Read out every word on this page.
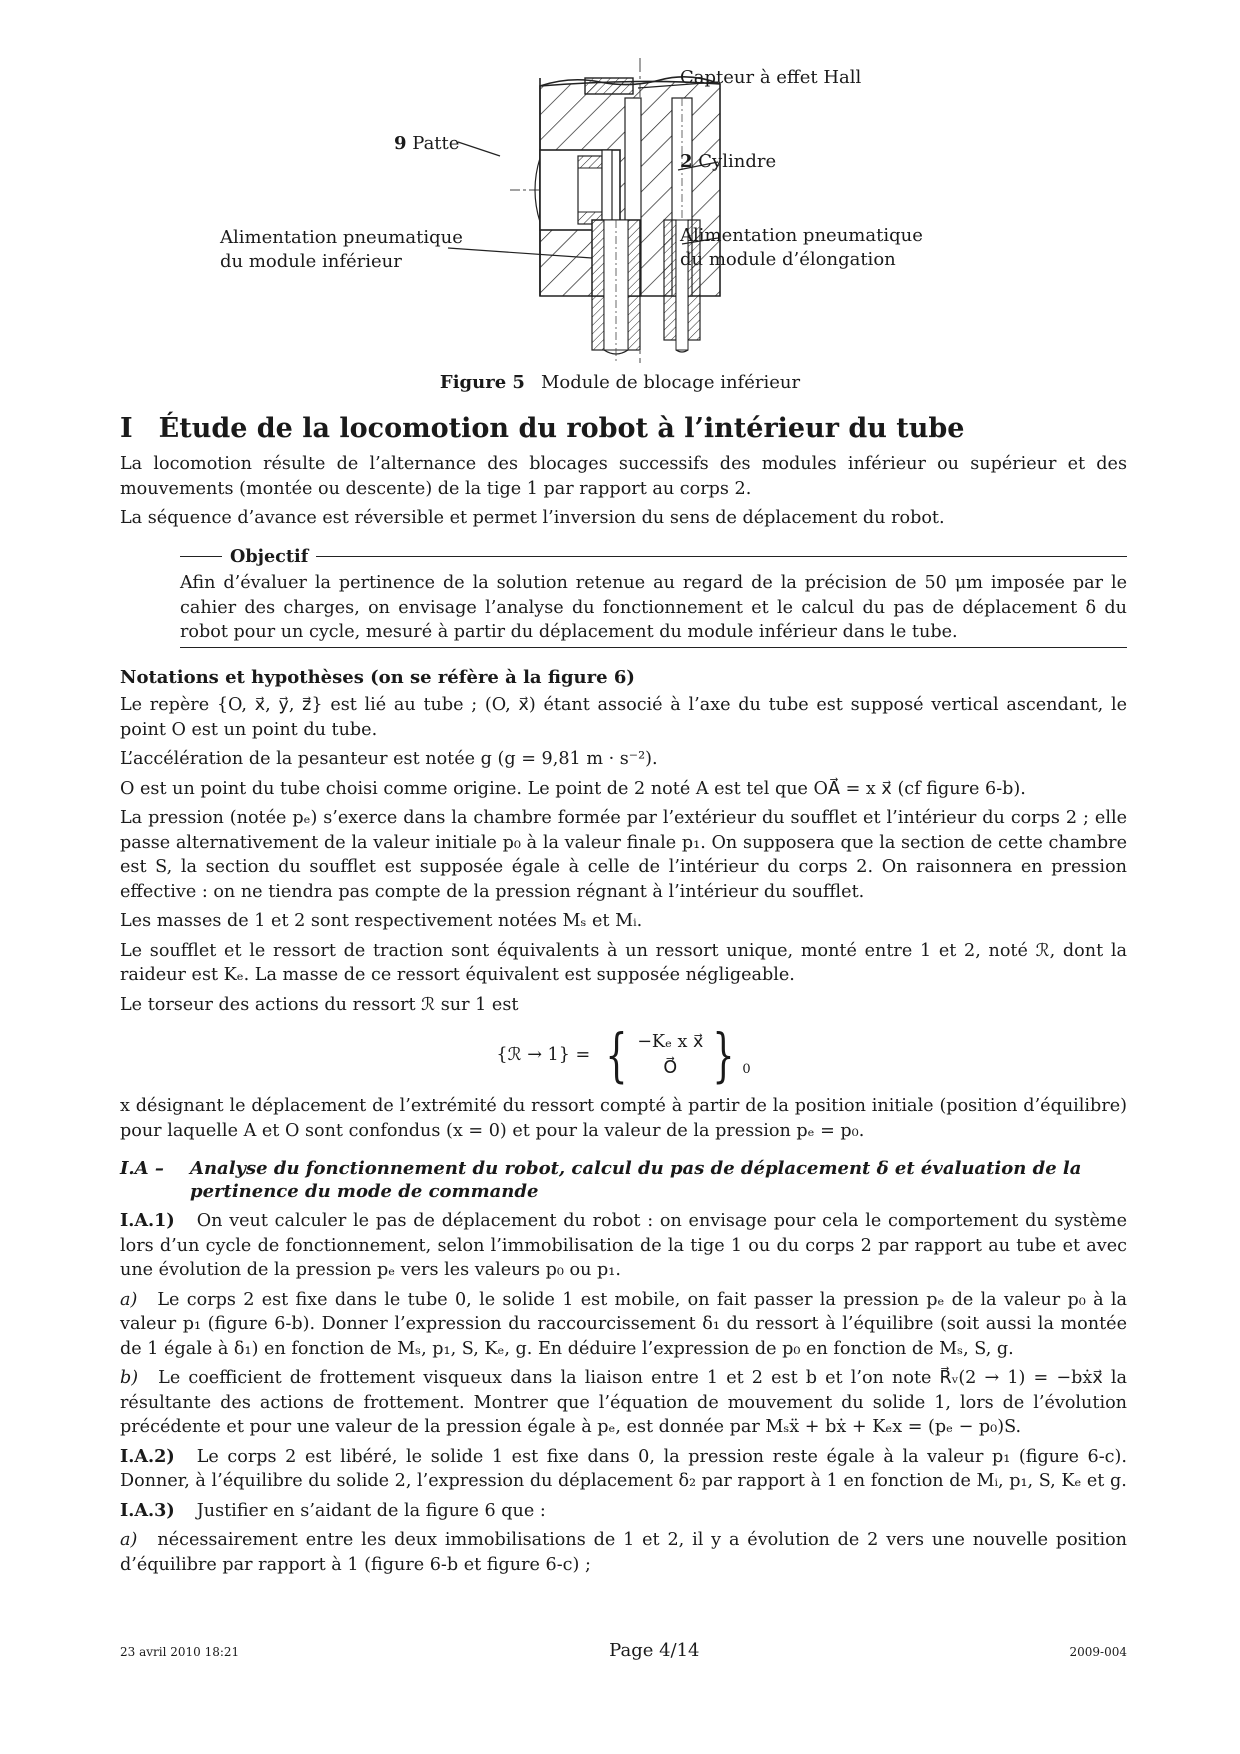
Capteur à effet Hall
9 Patte
2 Cylindre
Alimentation pneumatique
du module inférieur
Alimentation pneumatique
du module d’élongation
Figure 5 Module de blocage inférieur
I Étude de la locomotion du robot à l’intérieur du tube

La locomotion résulte de l’alternance des blocages successifs des modules inférieur ou supérieur et des mouvements (montée ou descente) de la tige 1 par rapport au corps 2.

La séquence d’avance est réversible et permet l’inversion du sens de déplacement du robot.

Objectif
Afin d’évaluer la pertinence de la solution retenue au regard de la précision de 50 μm imposée par le cahier des charges, on envisage l’analyse du fonctionnement et le calcul du pas de déplacement δ du robot pour un cycle, mesuré à partir du déplacement du module inférieur dans le tube.
Notations et hypothèses (on se réfère à la figure 6)

Le repère {O, x⃗, y⃗, z⃗} est lié au tube ; (O, x⃗) étant associé à l’axe du tube est supposé vertical ascendant, le point O est un point du tube.

L’accélération de la pesanteur est notée g (g = 9,81 m · s⁻²).

O est un point du tube choisi comme origine. Le point de 2 noté A est tel que OA⃗ = x x⃗ (cf figure 6-b).

La pression (notée pₑ) s’exerce dans la chambre formée par l’extérieur du soufflet et l’intérieur du corps 2 ; elle passe alternativement de la valeur initiale p₀ à la valeur finale p₁. On supposera que la section de cette chambre est S, la section du soufflet est supposée égale à celle de l’intérieur du corps 2. On raisonnera en pression effective : on ne tiendra pas compte de la pression régnant à l’intérieur du soufflet.

Les masses de 1 et 2 sont respectivement notées Mₛ et Mᵢ.

Le soufflet et le ressort de traction sont équivalents à un ressort unique, monté entre 1 et 2, noté ℛ, dont la raideur est Kₑ. La masse de ce ressort équivalent est supposée négligeable.

Le torseur des actions du ressort ℛ sur 1 est

{ℛ → 1} = { −Kₑ x x⃗
O⃗ } 0

x désignant le déplacement de l’extrémité du ressort compté à partir de la position initiale (position d’équilibre) pour laquelle A et O sont confondus (x = 0) et pour la valeur de la pression pₑ = p₀.

I.A –	Analyse du fonctionnement du robot, calcul du pas de déplacement δ et évaluation de la pertinence du mode de commande

I.A.1) On veut calculer le pas de déplacement du robot : on envisage pour cela le comportement du système lors d’un cycle de fonctionnement, selon l’immobilisation de la tige 1 ou du corps 2 par rapport au tube et avec une évolution de la pression pₑ vers les valeurs p₀ ou p₁.

a) Le corps 2 est fixe dans le tube 0, le solide 1 est mobile, on fait passer la pression pₑ de la valeur p₀ à la valeur p₁ (figure 6-b). Donner l’expression du raccourcissement δ₁ du ressort à l’équilibre (soit aussi la montée de 1 égale à δ₁) en fonction de Mₛ, p₁, S, Kₑ, g. En déduire l’expression de p₀ en fonction de Mₛ, S, g.

b) Le coefficient de frottement visqueux dans la liaison entre 1 et 2 est b et l’on note R⃗ᵥ(2 → 1) = −bẋx⃗ la résultante des actions de frottement. Montrer que l’équation de mouvement du solide 1, lors de l’évolution précédente et pour une valeur de la pression égale à pₑ, est donnée par Mₛẍ + bẋ + Kₑx = (pₑ − p₀)S.

I.A.2) Le corps 2 est libéré, le solide 1 est fixe dans 0, la pression reste égale à la valeur p₁ (figure 6-c). Donner, à l’équilibre du solide 2, l’expression du déplacement δ₂ par rapport à 1 en fonction de Mᵢ, p₁, S, Kₑ et g.

I.A.3) Justifier en s’aidant de la figure 6 que :

a) nécessairement entre les deux immobilisations de 1 et 2, il y a évolution de 2 vers une nouvelle position d’équilibre par rapport à 1 (figure 6-b et figure 6-c) ;

23 avril 2010 18:21	Page 4/14	2009-004
